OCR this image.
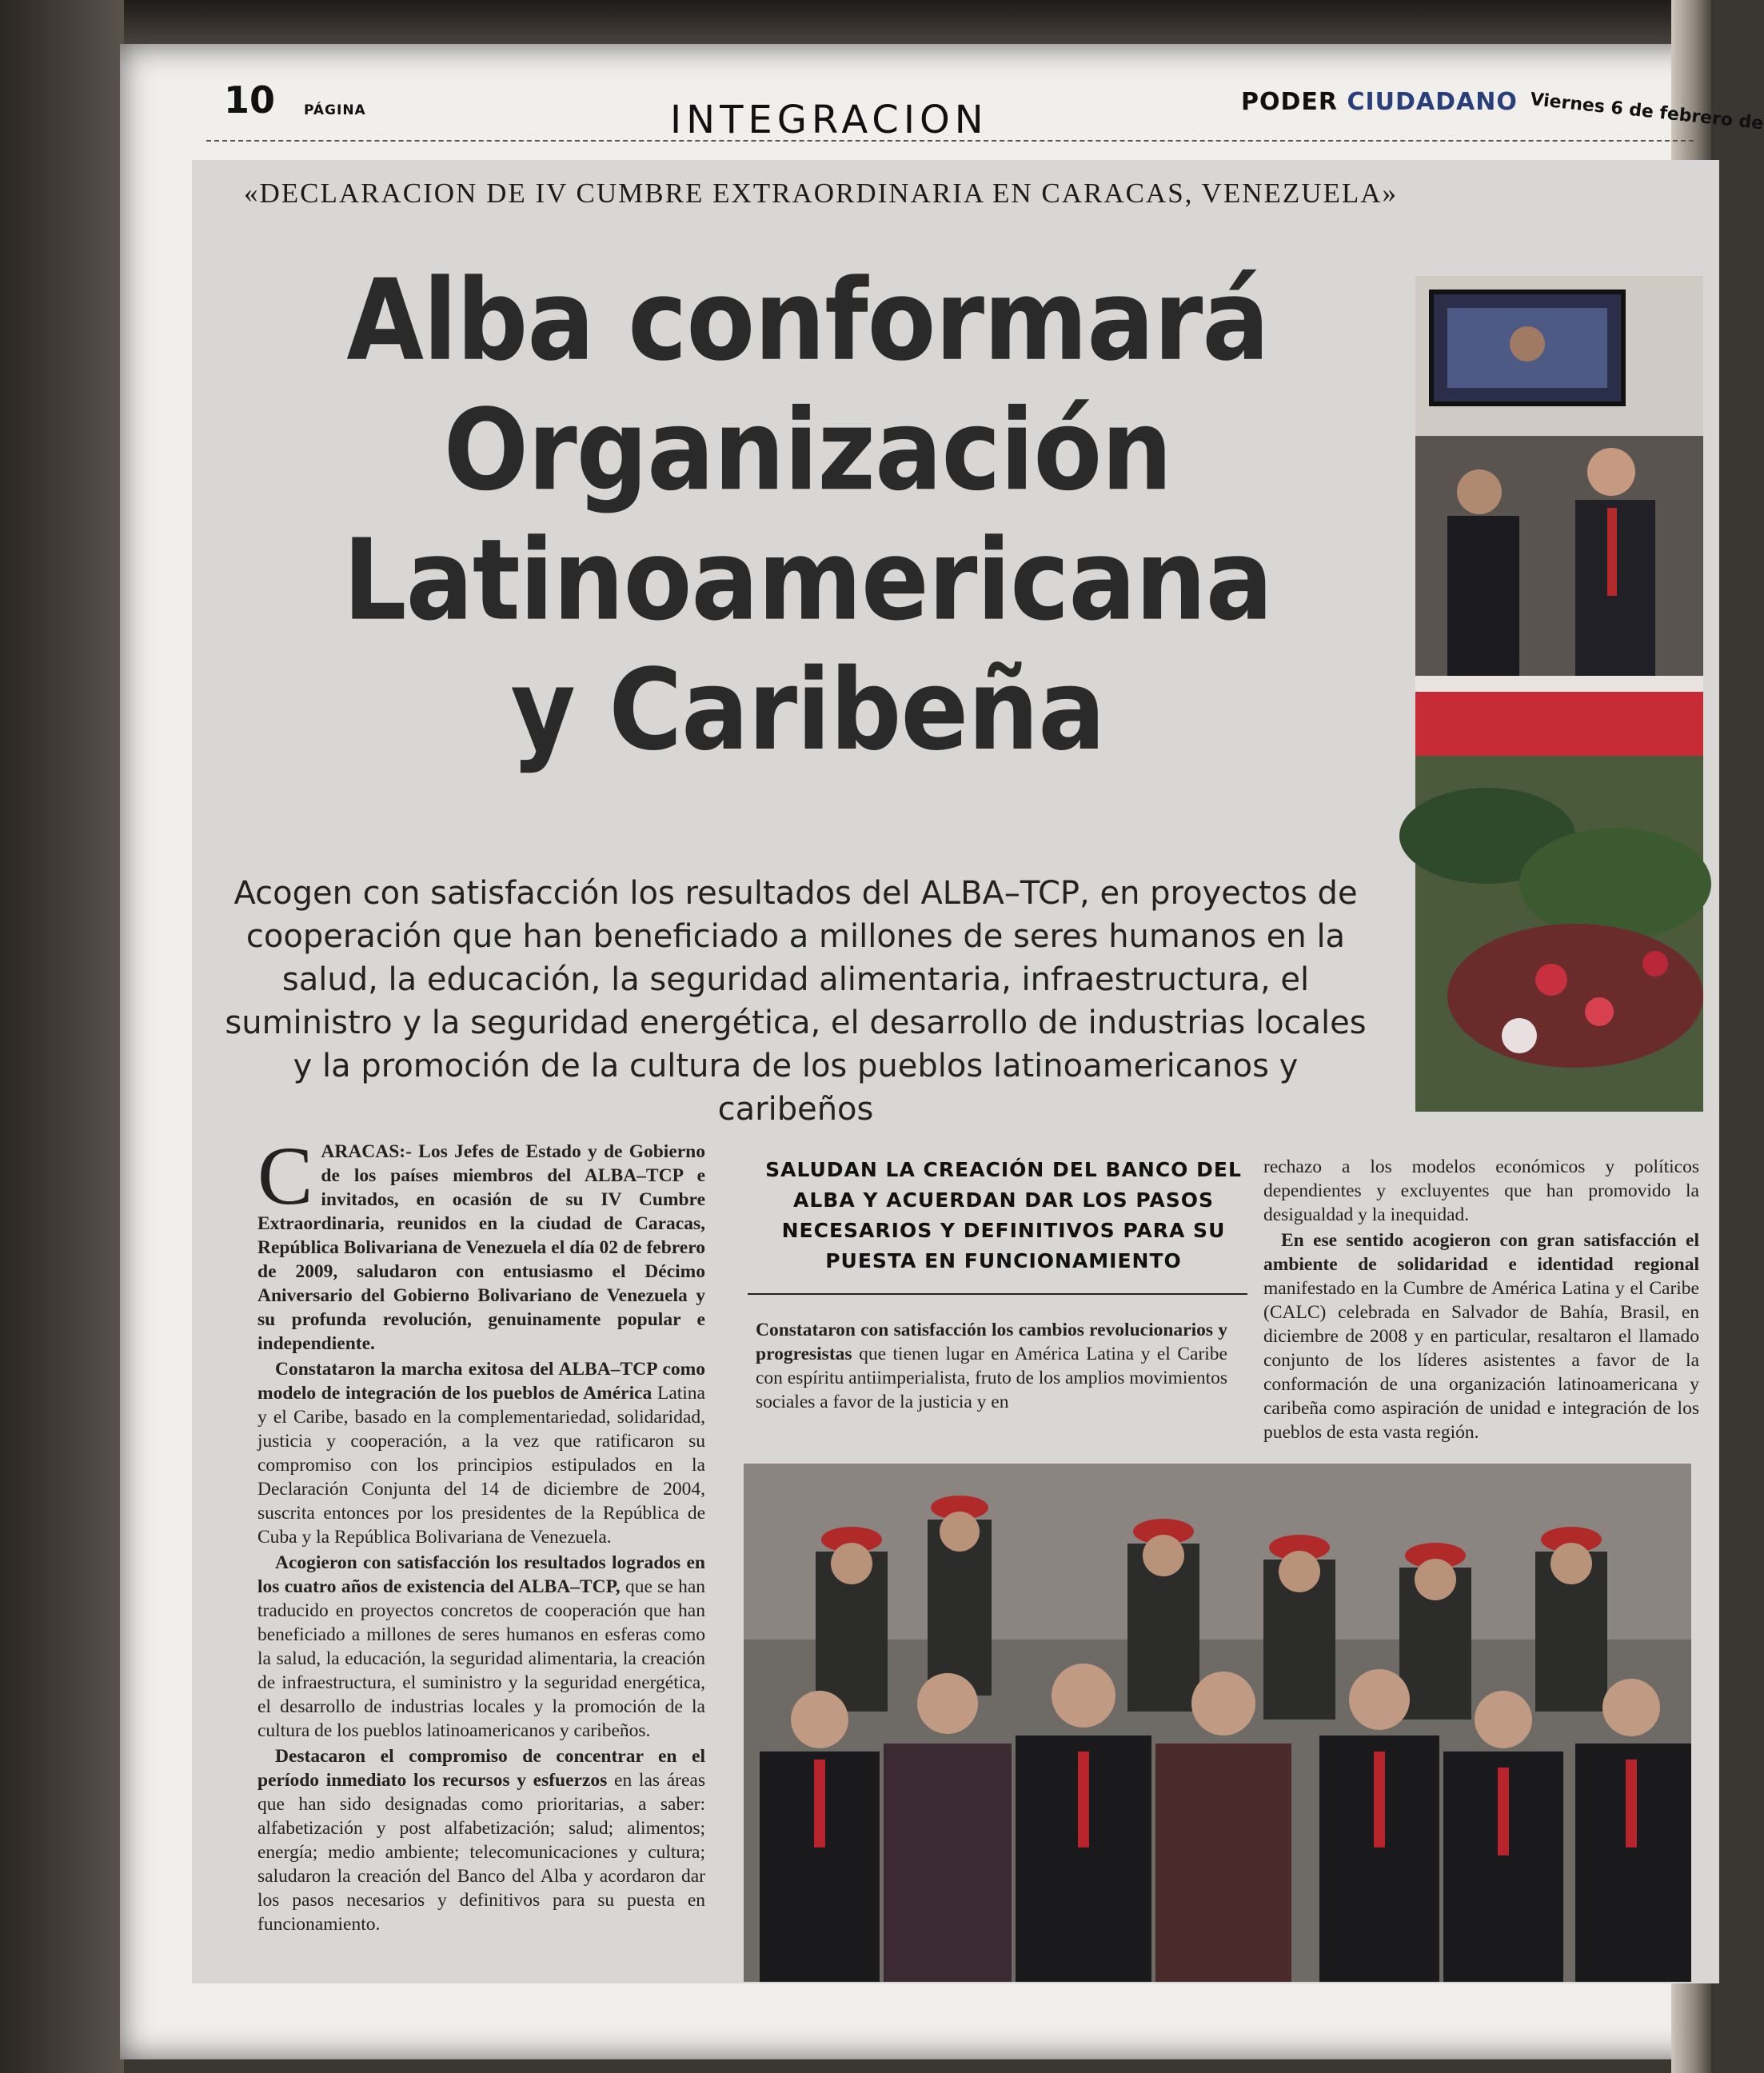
10 PÁGINA	INTEGRACION	PODER CIUDADANO Viernes 6 de febrero de
«DECLARACION DE IV CUMBRE EXTRAORDINARIA EN CARACAS, VENEZUELA»
Alba conformará
Organización
Latinoamericana
y Caribeña
Acogen con satisfacción los resultados del ALBA–TCP, en proyectos de cooperación que han beneficiado a millones de seres humanos en la salud, la educación, la seguridad alimentaria, infraestructura, el suministro y la seguridad energética, el desarrollo de industrias locales y la promoción de la cultura de los pueblos latinoamericanos y caribeños

CARACAS:- Los Jefes de Estado y de Gobierno de los países miembros del ALBA–TCP e invitados, en ocasión de su IV Cumbre Extraordinaria, reunidos en la ciudad de Caracas, República Bolivariana de Venezuela el día 02 de febrero de 2009, saludaron con entusiasmo el Décimo Aniversario del Gobierno Bolivariano de Venezuela y su profunda revolución, genuinamente popular e independiente.

Constataron la marcha exitosa del ALBA–TCP como modelo de integración de los pueblos de América Latina y el Caribe, basado en la complementariedad, solidaridad, justicia y cooperación, a la vez que ratificaron su compromiso con los principios estipulados en la Declaración Conjunta del 14 de diciembre de 2004, suscrita entonces por los presidentes de la República de Cuba y la República Bolivariana de Venezuela.

Acogieron con satisfacción los resultados logrados en los cuatro años de existencia del ALBA–TCP, que se han traducido en proyectos concretos de cooperación que han beneficiado a millones de seres humanos en esferas como la salud, la educación, la seguridad alimentaria, la creación de infraestructura, el suministro y la seguridad energética, el desarrollo de industrias locales y la promoción de la cultura de los pueblos latinoamericanos y caribeños.

Destacaron el compromiso de concentrar en el período inmediato los recursos y esfuerzos en las áreas que han sido designadas como prioritarias, a saber: alfabetización y post alfabetización; salud; alimentos; energía; medio ambiente; telecomunicaciones y cultura; saludaron la creación del Banco del Alba y acordaron dar los pasos necesarios y definitivos para su puesta en funcionamiento.

SALUDAN LA CREACIÓN DEL BANCO DEL ALBA Y ACUERDAN DAR LOS PASOS NECESARIOS Y DEFINITIVOS PARA SU PUESTA EN FUNCIONAMIENTO

Constataron con satisfacción los cambios revolucionarios y progresistas que tienen lugar en América Latina y el Caribe con espíritu antiimperialista, fruto de los amplios movimientos sociales a favor de la justicia y en

rechazo a los modelos económicos y políticos dependientes y excluyentes que han promovido la desigualdad y la inequidad.

En ese sentido acogieron con gran satisfacción el ambiente de solidaridad e identidad regional manifestado en la Cumbre de América Latina y el Caribe (CALC) celebrada en Salvador de Bahía, Brasil, en diciembre de 2008 y en particular, resaltaron el llamado conjunto de los líderes asistentes a favor de la conformación de una organización latinoamericana y caribeña como aspiración de unidad e integración de los pueblos de esta vasta región.
